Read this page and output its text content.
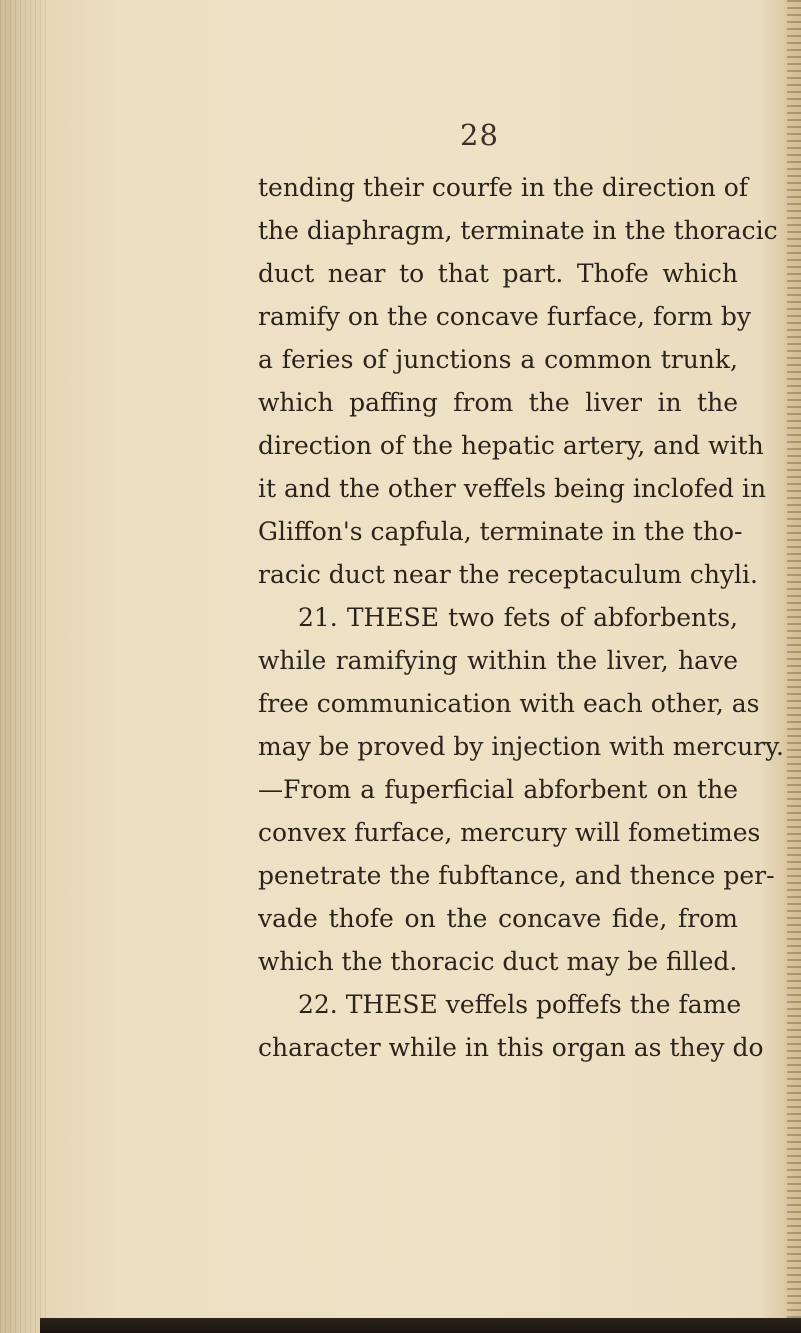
28
tending their courfe in the direction of
the diaphragm, terminate in the thoracic
duct near to that part. Thofe which
ramify on the concave furface, form by
a feries of junctions a common trunk,
which paffing from the liver in the
direction of the hepatic artery, and with
it and the other veffels being inclofed in
Gliffon's capfula, terminate in the tho-
racic duct near the receptaculum chyli.
21. THESE two fets of abforbents,
while ramifying within the liver, have
free communication with each other, as
may be proved by injection with mercury.
—From a fuperficial abforbent on the
convex furface, mercury will fometimes
penetrate the fubftance, and thence per-
vade thofe on the concave fide, from
which the thoracic duct may be filled.
22. THESE veffels poffefs the fame
character while in this organ as they do
